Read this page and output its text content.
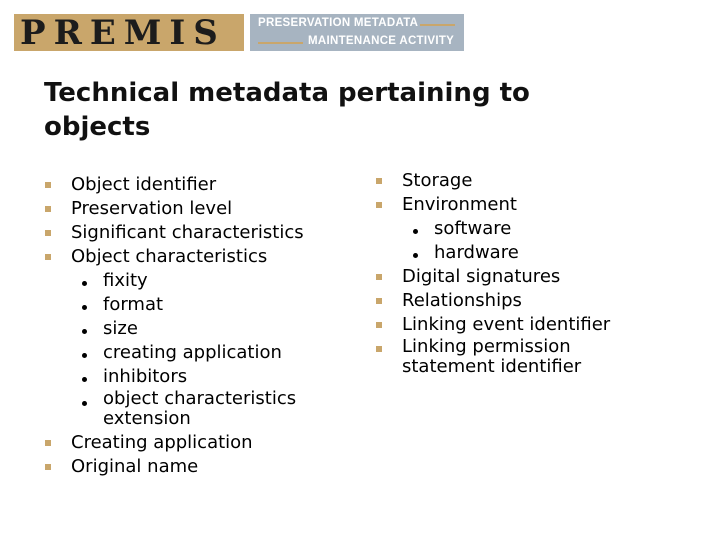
PREMIS	PRESERVATION METADATA
MAINTENANCE ACTIVITY
Technical metadata pertaining to objects
Object identifier
Preservation level
Significant characteristics
Object characteristics
fixity
format
size
creating application
inhibitors
object characteristics extension
Creating application
Original name
Storage
Environment
software
hardware
Digital signatures
Relationships
Linking event identifier
Linking permission statement identifier
